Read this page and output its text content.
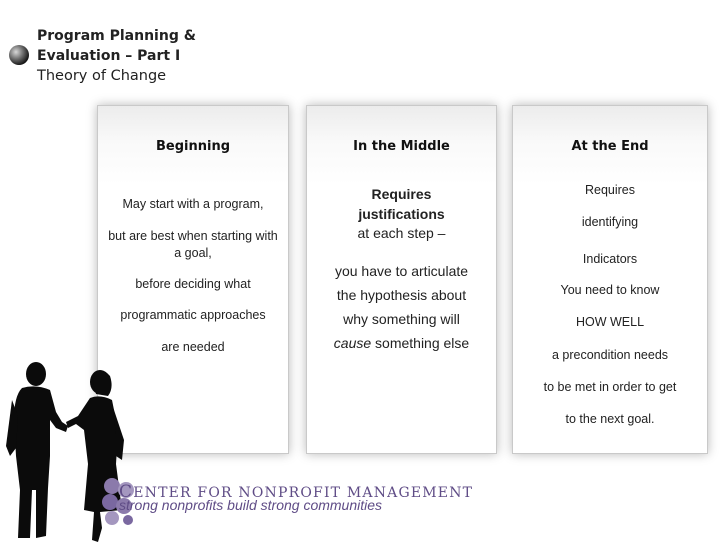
Program Planning &
Evaluation – Part I
Theory of Change
Beginning

May start with a program,

but are best when starting with a goal,

before deciding what

programmatic approaches

are needed

In the Middle

Requires

justifications

at each step –

you have to articulate

the hypothesis about

why something will

cause something else

At the End

Requires

identifying

Indicators

You need to know

HOW WELL

a precondition needs

to be met in order to get

to the next goal.

CENTER FOR NONPROFIT MANAGEMENT
strong nonprofits build strong communities
